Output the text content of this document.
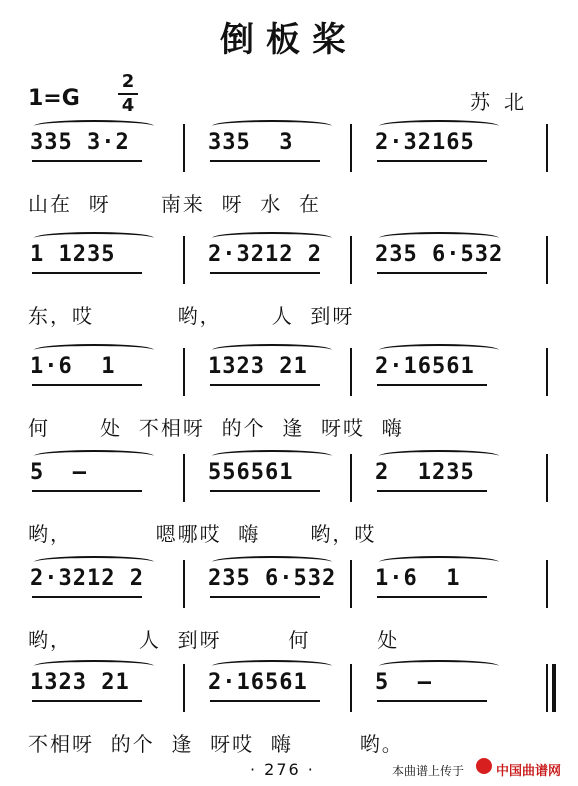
倒板桨
1=G
2
4	苏北
335 3·2	335  3	2·32165
山在  呀      南来  呀  水  在
1 1235	2·3212 2 235 6·532
东，哎          哟，      人  到呀
1·6  1	1323 21	2·16561
何      处  不相呀  的个  逢  呀哎  嗨
5  —	556561	2  1235
哟，          嗯哪哎  嗨      哟，哎
2·3212 2	235 6·532 1·6  1
哟，        人  到呀        何        处
1323 21	2·16561	5  —
不相呀  的个  逢  呀哎  嗨        哟。
· 276 ·	本曲谱上传于 中国曲谱网
